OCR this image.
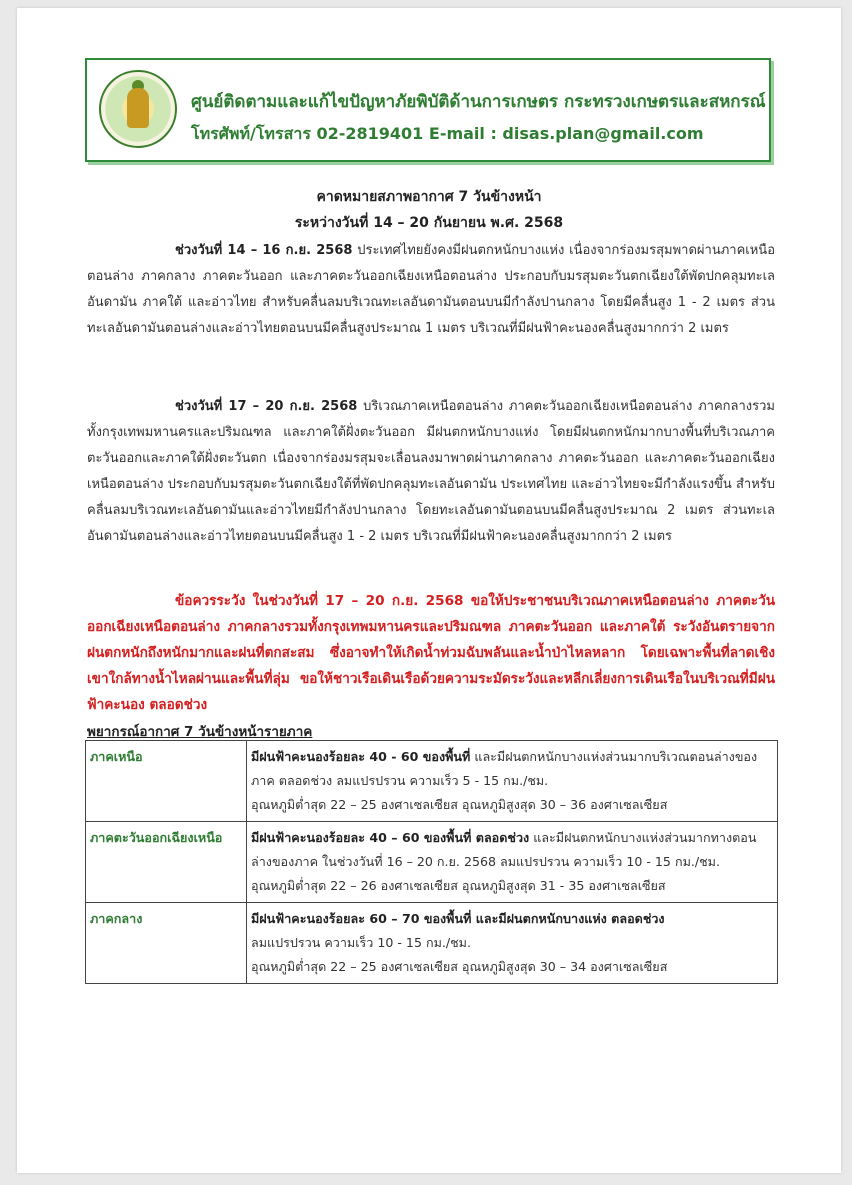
ศูนย์ติดตามและแก้ไขปัญหาภัยพิบัติด้านการเกษตร กระทรวงเกษตรและสหกรณ์
โทรศัพท์/โทรสาร 02-2819401 E-mail : disas.plan@gmail.com
คาดหมายสภาพอากาศ 7 วันข้างหน้า
ระหว่างวันที่ 14 – 20 กันยายน พ.ศ. 2568
ช่วงวันที่ 14 – 16 ก.ย. 2568 ประเทศไทยยังคงมีฝนตกหนักบางแห่ง เนื่องจากร่องมรสุมพาดผ่านภาคเหนือตอนล่าง ภาคกลาง ภาคตะวันออก และภาคตะวันออกเฉียงเหนือตอนล่าง ประกอบกับมรสุมตะวันตกเฉียงใต้พัดปกคลุมทะเลอันดามัน ภาคใต้ และอ่าวไทย สำหรับคลื่นลมบริเวณทะเลอันดามันตอนบนมีกำลังปานกลาง โดยมีคลื่นสูง 1 - 2 เมตร ส่วนทะเลอันดามันตอนล่างและอ่าวไทยตอนบนมีคลื่นสูงประมาณ 1 เมตร บริเวณที่มีฝนฟ้าคะนองคลื่นสูงมากกว่า 2 เมตร
ช่วงวันที่ 17 – 20 ก.ย. 2568 บริเวณภาคเหนือตอนล่าง ภาคตะวันออกเฉียงเหนือตอนล่าง ภาคกลางรวมทั้งกรุงเทพมหานครและปริมณฑล และภาคใต้ฝั่งตะวันออก มีฝนตกหนักบางแห่ง โดยมีฝนตกหนักมากบางพื้นที่บริเวณภาคตะวันออกและภาคใต้ฝั่งตะวันตก เนื่องจากร่องมรสุมจะเลื่อนลงมาพาดผ่านภาคกลาง ภาคตะวันออก และภาคตะวันออกเฉียงเหนือตอนล่าง ประกอบกับมรสุมตะวันตกเฉียงใต้ที่พัดปกคลุมทะเลอันดามัน ประเทศไทย และอ่าวไทยจะมีกำลังแรงขึ้น สำหรับคลื่นลมบริเวณทะเลอันดามันและอ่าวไทยมีกำลังปานกลาง โดยทะเลอันดามันตอนบนมีคลื่นสูงประมาณ 2 เมตร ส่วนทะเลอันดามันตอนล่างและอ่าวไทยตอนบนมีคลื่นสูง 1 - 2 เมตร บริเวณที่มีฝนฟ้าคะนองคลื่นสูงมากกว่า 2 เมตร
ข้อควรระวัง ในช่วงวันที่ 17 – 20 ก.ย. 2568 ขอให้ประชาชนบริเวณภาคเหนือตอนล่าง ภาคตะวันออกเฉียงเหนือตอนล่าง ภาคกลางรวมทั้งกรุงเทพมหานครและปริมณฑล ภาคตะวันออก และภาคใต้ ระวังอันตรายจากฝนตกหนักถึงหนักมากและฝนที่ตกสะสม ซึ่งอาจทำให้เกิดน้ำท่วมฉับพลันและน้ำป่าไหลหลาก โดยเฉพาะพื้นที่ลาดเชิงเขาใกล้ทางน้ำไหลผ่านและพื้นที่ลุ่ม ขอให้ชาวเรือเดินเรือด้วยความระมัดระวังและหลีกเลี่ยงการเดินเรือในบริเวณที่มีฝนฟ้าคะนอง ตลอดช่วง
พยากรณ์อากาศ 7 วันข้างหน้ารายภาค
ภาคเหนือ	มีฝนฟ้าคะนองร้อยละ 40 - 60 ของพื้นที่ และมีฝนตกหนักบางแห่งส่วนมากบริเวณตอนล่างของภาค ตลอดช่วง ลมแปรปรวน ความเร็ว 5 - 15 กม./ชม.
อุณหภูมิต่ำสุด 22 – 25 องศาเซลเซียส อุณหภูมิสูงสุด 30 – 36 องศาเซลเซียส
ภาคตะวันออกเฉียงเหนือ	มีฝนฟ้าคะนองร้อยละ 40 – 60 ของพื้นที่ ตลอดช่วง และมีฝนตกหนักบางแห่งส่วนมากทางตอนล่างของภาค ในช่วงวันที่ 16 – 20 ก.ย. 2568 ลมแปรปรวน ความเร็ว 10 - 15 กม./ชม.
อุณหภูมิต่ำสุด 22 – 26 องศาเซลเซียส อุณหภูมิสูงสุด 31 - 35 องศาเซลเซียส
ภาคกลาง	มีฝนฟ้าคะนองร้อยละ 60 – 70 ของพื้นที่ และมีฝนตกหนักบางแห่ง ตลอดช่วง
ลมแปรปรวน ความเร็ว 10 - 15 กม./ชม.
อุณหภูมิต่ำสุด 22 – 25 องศาเซลเซียส อุณหภูมิสูงสุด 30 – 34 องศาเซลเซียส
